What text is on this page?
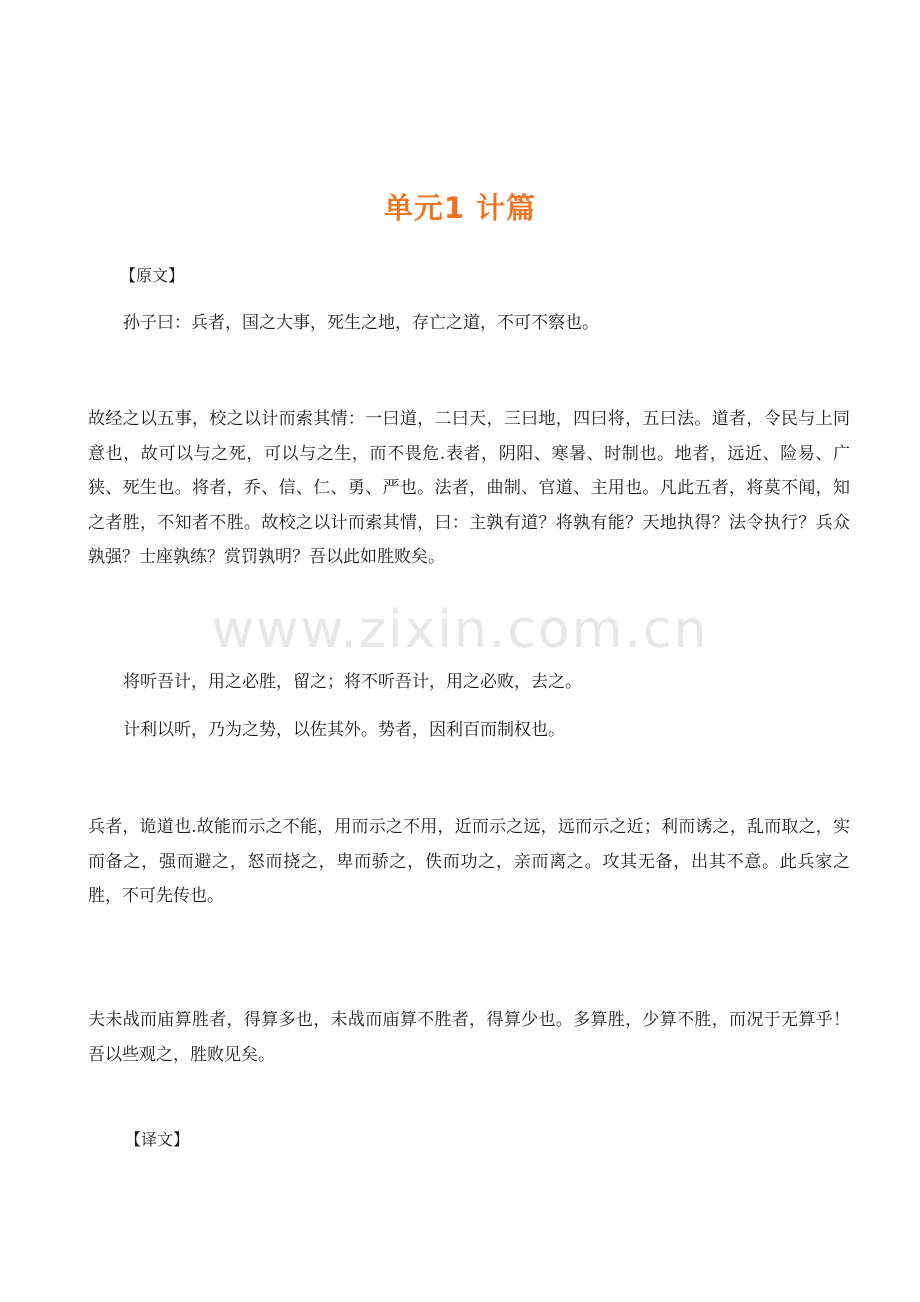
单元1 计篇
【原文】
孙子曰：兵者，国之大事，死生之地，存亡之道，不可不察也。
故经之以五事，校之以计而索其情：一曰道，二曰天，三曰地，四曰将，五曰法。道者，令民与上同意也，故可以与之死，可以与之生，而不畏危.表者，阴阳、寒暑、时制也。地者，远近、险易、广狭、死生也。将者，乔、信、仁、勇、严也。法者，曲制、官道、主用也。凡此五者，将莫不闻，知之者胜，不知者不胜。故校之以计而索其情，曰：主孰有道？将孰有能？天地执得？法令执行？兵众孰强？士座孰练？赏罚孰明？吾以此如胜败矣。
将听吾计，用之必胜，留之；将不听吾计，用之必败，去之。
计利以听，乃为之势，以佐其外。势者，因利百而制权也。
兵者，诡道也.故能而示之不能，用而示之不用，近而示之远，远而示之近；利而诱之，乱而取之，实而备之，强而避之，怒而挠之，卑而骄之，佚而功之，亲而离之。攻其无备，出其不意。此兵家之胜，不可先传也。
夫未战而庙算胜者，得算多也，未战而庙算不胜者，得算少也。多算胜，少算不胜，而况于无算乎！吾以些观之，胜败见矣。
【译文】
www.zixin.com.cn
